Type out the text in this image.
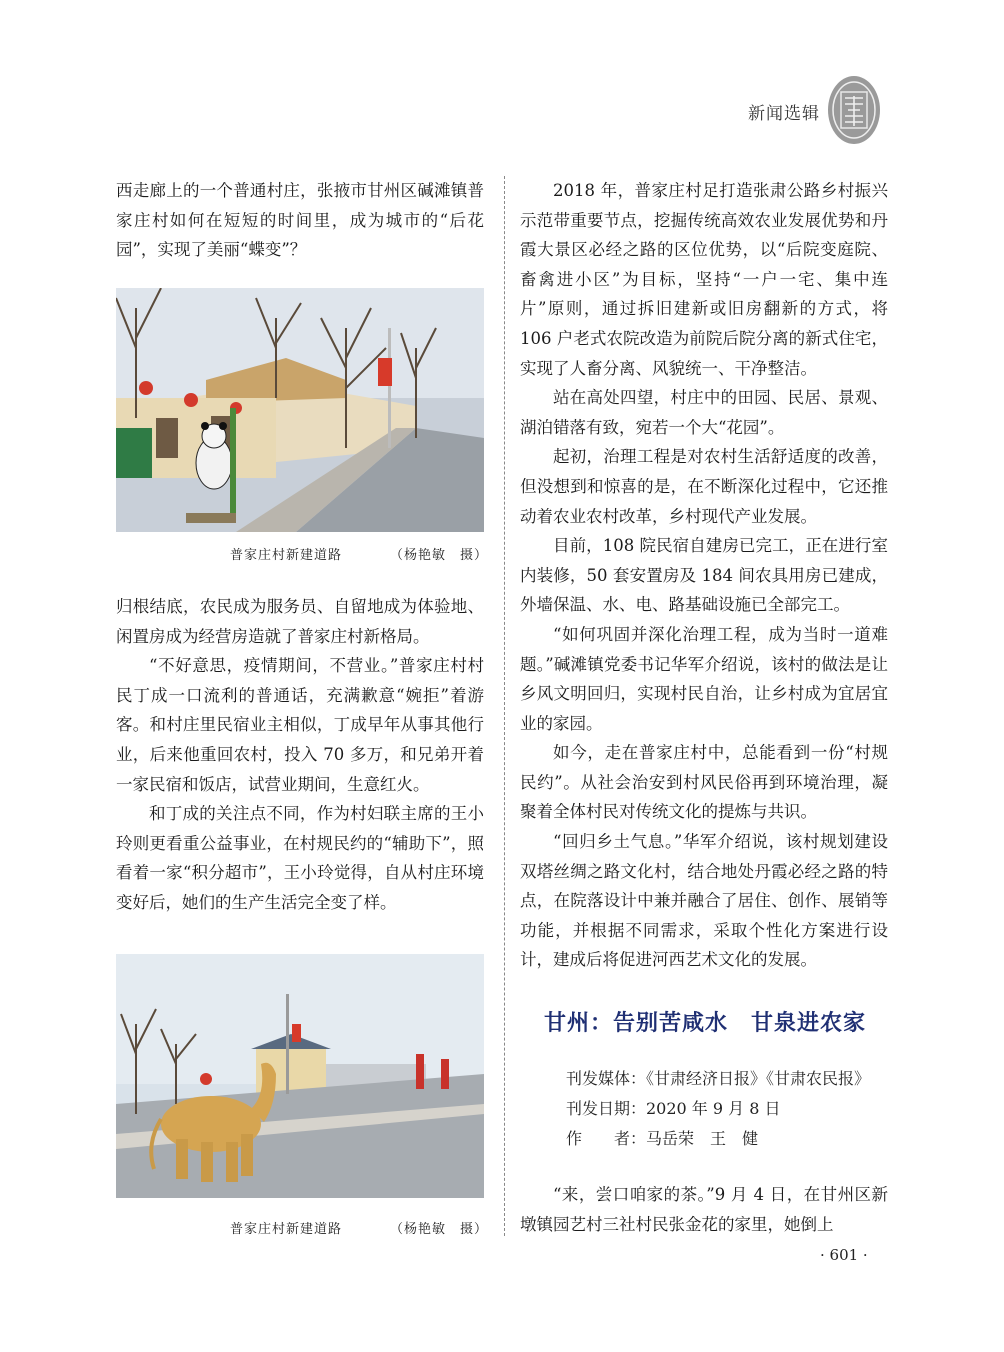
新闻选辑

西走廊上的一个普通村庄，张掖市甘州区碱滩镇普家庄村如何在短短的时间里，成为城市的“后花园”，实现了美丽“蝶变”？

普家庄村新建道路	（杨艳敏　摄）

归根结底，农民成为服务员、自留地成为体验地、闲置房成为经营房造就了普家庄村新格局。

“不好意思，疫情期间，不营业。”普家庄村村民丁成一口流利的普通话，充满歉意“婉拒”着游客。和村庄里民宿业主相似，丁成早年从事其他行业，后来他重回农村，投入 70 多万，和兄弟开着一家民宿和饭店，试营业期间，生意红火。

和丁成的关注点不同，作为村妇联主席的王小玲则更看重公益事业，在村规民约的“辅助下”，照看着一家“积分超市”，王小玲觉得，自从村庄环境变好后，她们的生产生活完全变了样。

普家庄村新建道路	（杨艳敏　摄）

2018 年，普家庄村足打造张肃公路乡村振兴示范带重要节点，挖掘传统高效农业发展优势和丹霞大景区必经之路的区位优势，以“后院变庭院、畜禽进小区”为目标，坚持“一户一宅、集中连片”原则，通过拆旧建新或旧房翻新的方式，将 106 户老式农院改造为前院后院分离的新式住宅，实现了人畜分离、风貌统一、干净整洁。

站在高处四望，村庄中的田园、民居、景观、湖泊错落有致，宛若一个大“花园”。

起初，治理工程是对农村生活舒适度的改善，但没想到和惊喜的是，在不断深化过程中，它还推动着农业农村改革，乡村现代产业发展。

目前，108 院民宿自建房已完工，正在进行室内装修，50 套安置房及 184 间农具用房已建成，外墙保温、水、电、路基础设施已全部完工。

“如何巩固并深化治理工程，成为当时一道难题。”碱滩镇党委书记华军介绍说，该村的做法是让乡风文明回归，实现村民自治，让乡村成为宜居宜业的家园。

如今，走在普家庄村中，总能看到一份“村规民约”。从社会治安到村风民俗再到环境治理，凝聚着全体村民对传统文化的提炼与共识。

“回归乡土气息。”华军介绍说，该村规划建设双塔丝绸之路文化村，结合地处丹霞必经之路的特点，在院落设计中兼并融合了居住、创作、展销等功能，并根据不同需求，采取个性化方案进行设计，建成后将促进河西艺术文化的发展。

甘州：告别苦咸水　甘泉进农家
刊发媒体：《甘肃经济日报》《甘肃农民报》
刊发日期：2020 年 9 月 8 日
作　　者：马岳荣　王　健

“来，尝口咱家的茶。”9 月 4 日，在甘州区新墩镇园艺村三社村民张金花的家里，她倒上

· 601 ·
